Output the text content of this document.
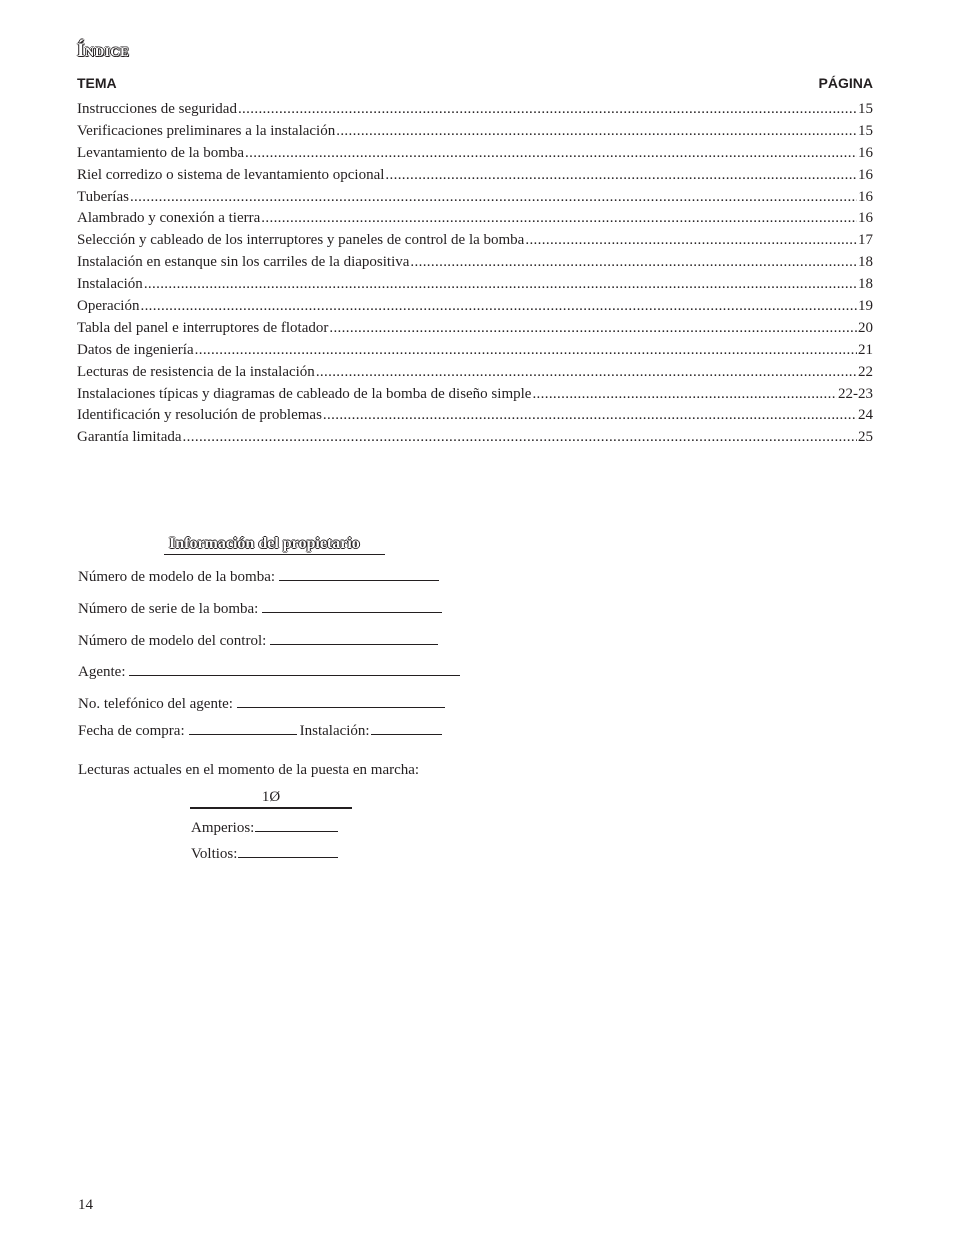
Índice
TEMA	PÁGINA
Instrucciones de seguridad .....	15
Verificaciones preliminares a la instalación .....	15
Levantamiento de la bomba .....	16
Riel corredizo o sistema de levantamiento opcional .....	16
Tuberías .....	16
Alambrado y conexión a tierra .....	16
Selección y cableado de los interruptores y paneles de control de la bomba .....	17
Instalación en estanque sin los carriles de la diapositiva .....	18
Instalación .....	18
Operación .....	19
Tabla del panel e interruptores de flotador .....	20
Datos de ingeniería .....	21
Lecturas de resistencia de la instalación .....	22
Instalaciones típicas y diagramas de cableado de la bomba de diseño simple .....	22-23
Identificación y resolución de problemas .....	24
Garantía limitada .....	25
Información del propietario
Número de modelo de la bomba:
Número de serie de la bomba:
Número de modelo del control:
Agente:
No. telefónico del agente:
Fecha de compra:	Instalación:
Lecturas actuales en el momento de la puesta en marcha:
1Ø
Amperios:
Voltios:
14
